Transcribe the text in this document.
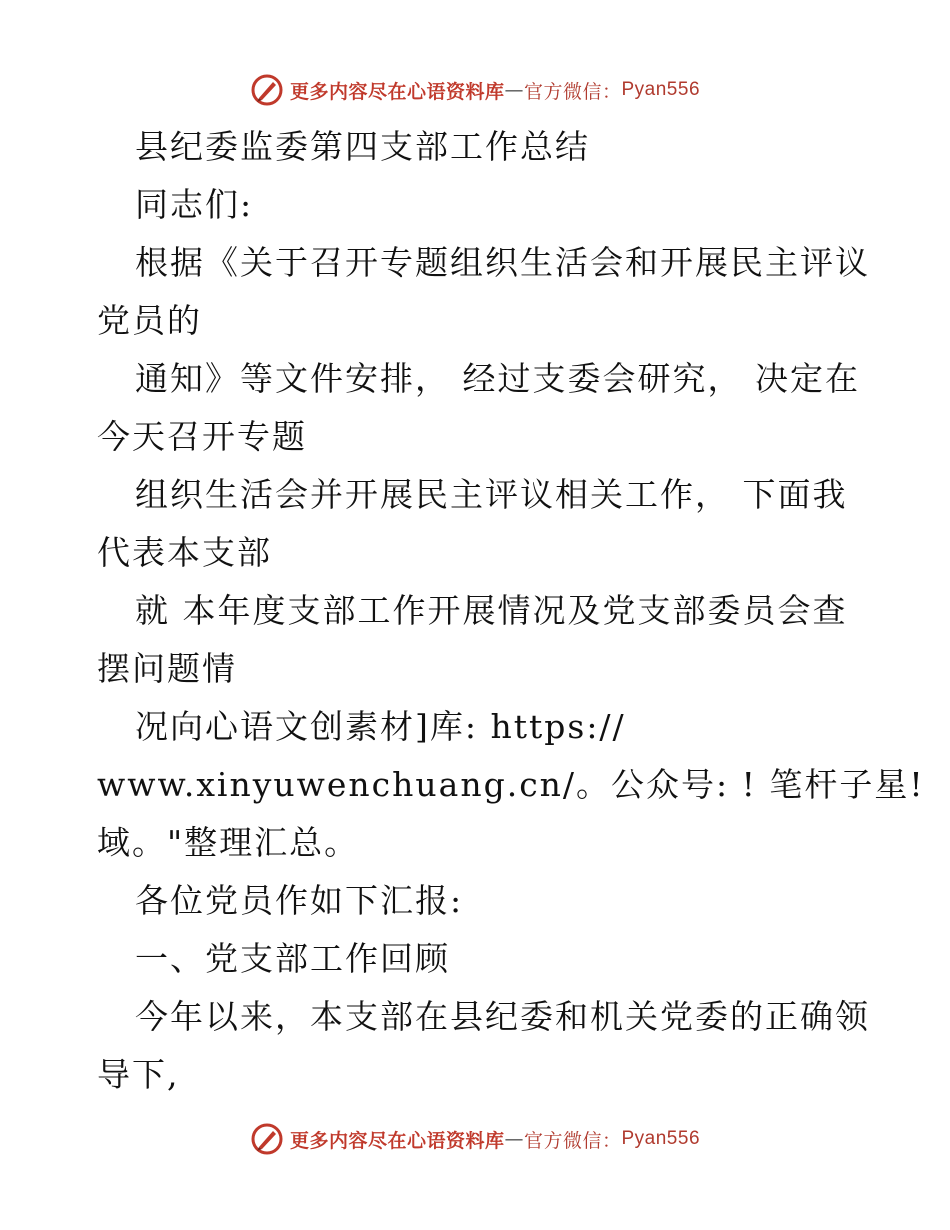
更多内容尽在心语资料库 — 官方微信： Pyan556
县纪委监委第四支部工作总结
同志们:
根据《关于召开专题组织生活会和开展民主评议
党员的
通知》等文件安排， 经过支委会研究， 决定在
今天召开专题
组织生活会并开展民主评议相关工作， 下面我
代表本支部
就 本年度支部工作开展情况及党支部委员会查
摆问题情
况向心语文创素材]库: https://
www.xinyuwenchuang.cn/。公众号: ! 笔杆子星!
域。"整理汇总。
各位党员作如下汇报:
一、党支部工作回顾
今年以来，本支部在县纪委和机关党委的正确领
导下,
更多内容尽在心语资料库 — 官方微信： Pyan556
